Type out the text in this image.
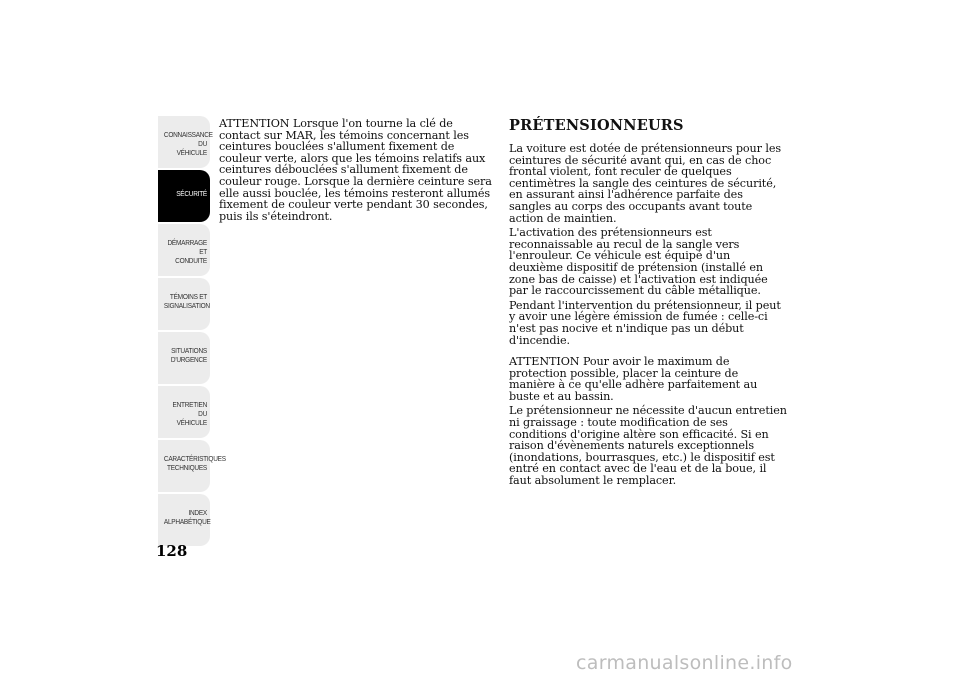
CONNAISSANCE DU
VÉHICULE
SÉCURITÉ
DÉMARRAGE ET
CONDUITE
TÉMOINS ET
SIGNALISATION
SITUATIONS
D'URGENCE
ENTRETIEN DU
VÉHICULE
CARACTÉRISTIQUES
TECHNIQUES
INDEX
ALPHABÉTIQUE
128

ATTENTION Lorsque l'on tourne la clé de contact sur MAR, les témoins concernant les ceintures bouclées s'allument fixement de couleur verte, alors que les témoins relatifs aux ceintures débouclées s'allument fixement de couleur rouge. Lorsque la dernière ceinture sera elle aussi bouclée, les témoins resteront allumés fixement de couleur verte pendant 30 secondes, puis ils s'éteindront.

PRÉTENSIONNEURS

La voiture est dotée de prétensionneurs pour les ceintures de sécurité avant qui, en cas de choc frontal violent, font reculer de quelques centimètres la sangle des ceintures de sécurité, en assurant ainsi l'adhérence parfaite des sangles au corps des occupants avant toute action de maintien.

L'activation des prétensionneurs est reconnaissable au recul de la sangle vers l'enrouleur. Ce véhicule est équipé d'un deuxième dispositif de prétension (installé en zone bas de caisse) et l'activation est indiquée par le raccourcissement du câble métallique.

Pendant l'intervention du prétensionneur, il peut y avoir une légère émission de fumée : celle-ci n'est pas nocive et n'indique pas un début d'incendie.

ATTENTION Pour avoir le maximum de protection possible, placer la ceinture de manière à ce qu'elle adhère parfaitement au buste et au bassin.

Le prétensionneur ne nécessite d'aucun entretien ni graissage : toute modification de ses conditions d'origine altère son efficacité. Si en raison d'évènements naturels exceptionnels (inondations, bourrasques, etc.) le dispositif est entré en contact avec de l'eau et de la boue, il faut absolument le remplacer.

carmanualsonline.info
